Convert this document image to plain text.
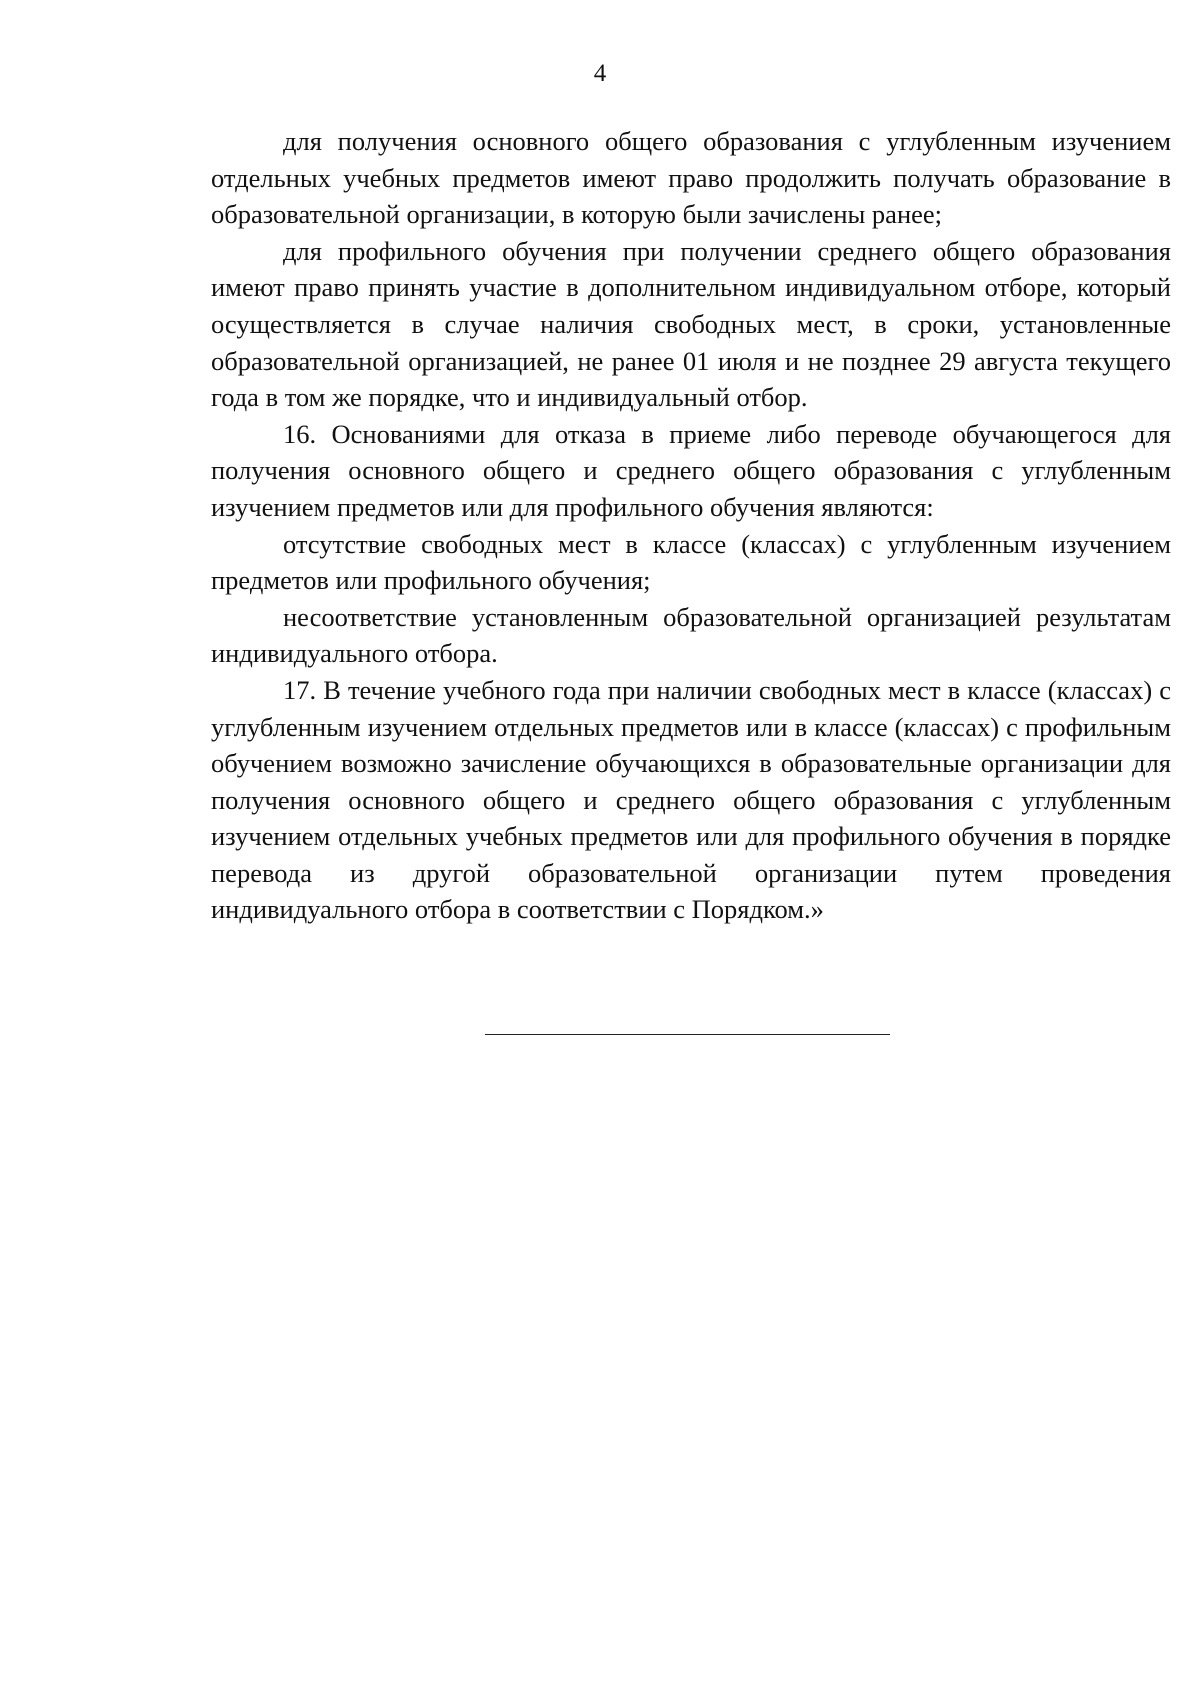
4

для получения основного общего образования с углубленным изучением отдельных учебных предметов имеют право продолжить получать образование в образовательной организации, в которую были зачислены ранее;

для профильного обучения при получении среднего общего образования имеют право принять участие в дополнительном индивидуальном отборе, который осуществляется в случае наличия свободных мест, в сроки, установленные образовательной организацией, не ранее 01 июля и не позднее 29 августа текущего года в том же порядке, что и индивидуальный отбор.

16. Основаниями для отказа в приеме либо переводе обучающегося для получения основного общего и среднего общего образования с углубленным изучением предметов или для профильного обучения являются:

отсутствие свободных мест в классе (классах) с углубленным изучением предметов или профильного обучения;

несоответствие установленным образовательной организацией результатам индивидуального отбора.

17. В течение учебного года при наличии свободных мест в классе (классах) с углубленным изучением отдельных предметов или в классе (классах) с профильным обучением возможно зачисление обучающихся в образовательные организации для получения основного общего и среднего общего образования с углубленным изучением отдельных учебных предметов или для профильного обучения в порядке перевода из другой образовательной организации путем проведения индивидуального отбора в соответствии с Порядком.»
